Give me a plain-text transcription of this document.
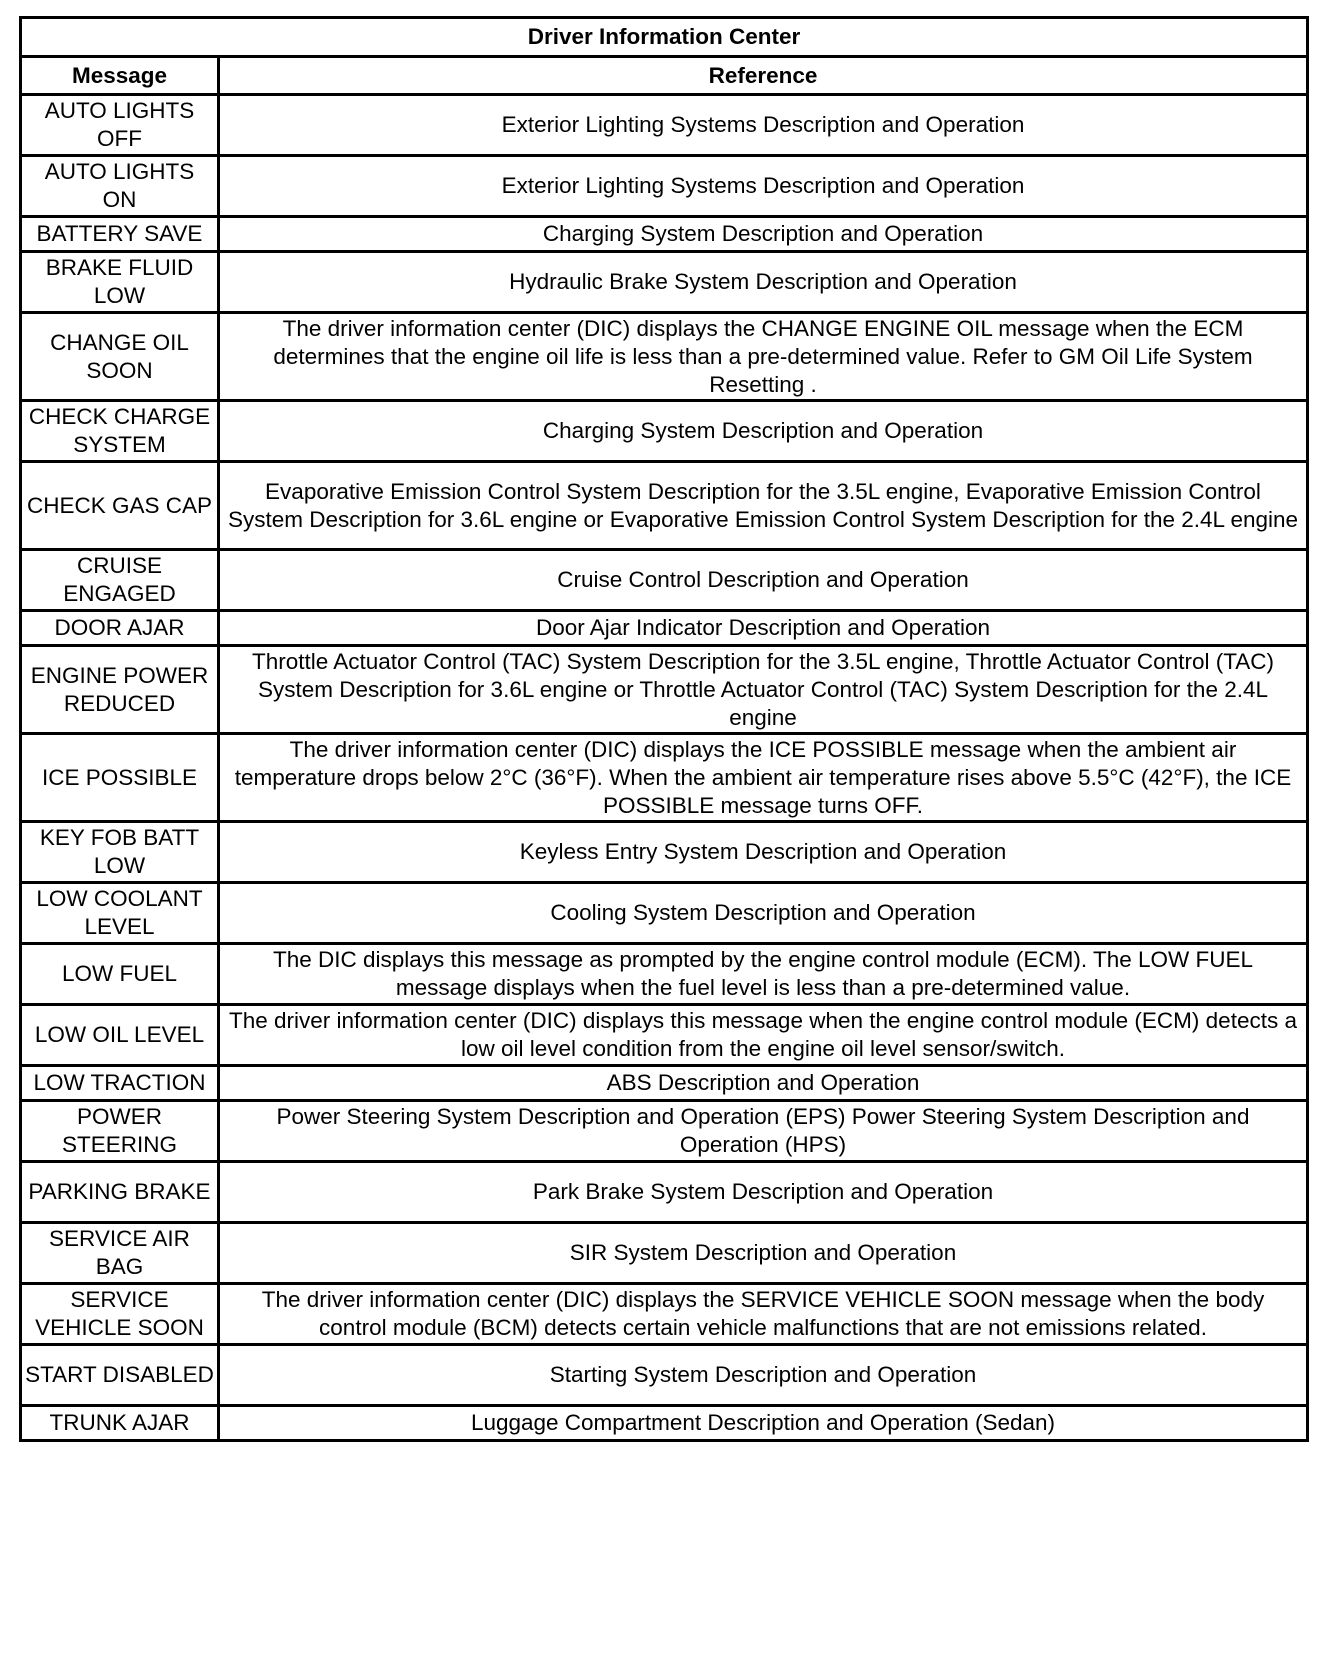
Driver Information Center	
Message	Reference
AUTO LIGHTS OFF	Exterior Lighting Systems Description and Operation
AUTO LIGHTS ON	Exterior Lighting Systems Description and Operation
BATTERY SAVE	Charging System Description and Operation
BRAKE FLUID LOW	Hydraulic Brake System Description and Operation
CHANGE OIL SOON	The driver information center (DIC) displays the CHANGE ENGINE OIL message when the ECM determines that the engine oil life is less than a pre-determined value. Refer to GM Oil Life System Resetting .
CHECK CHARGE SYSTEM	Charging System Description and Operation
CHECK GAS CAP	Evaporative Emission Control System Description for the 3.5L engine, Evaporative Emission Control System Description for 3.6L engine or Evaporative Emission Control System Description for the 2.4L engine
CRUISE ENGAGED	Cruise Control Description and Operation
DOOR AJAR	Door Ajar Indicator Description and Operation
ENGINE POWER REDUCED	Throttle Actuator Control (TAC) System Description for the 3.5L engine, Throttle Actuator Control (TAC) System Description for 3.6L engine or Throttle Actuator Control (TAC) System Description for the 2.4L engine
ICE POSSIBLE	The driver information center (DIC) displays the ICE POSSIBLE message when the ambient air temperature drops below 2°C (36°F). When the ambient air temperature rises above 5.5°C (42°F), the ICE POSSIBLE message turns OFF.
KEY FOB BATT LOW	Keyless Entry System Description and Operation
LOW COOLANT LEVEL	Cooling System Description and Operation
LOW FUEL	The DIC displays this message as prompted by the engine control module (ECM). The LOW FUEL message displays when the fuel level is less than a pre-determined value.
LOW OIL LEVEL	The driver information center (DIC) displays this message when the engine control module (ECM) detects a low oil level condition from the engine oil level sensor/switch.
LOW TRACTION	ABS Description and Operation
POWER STEERING	Power Steering System Description and Operation (EPS) Power Steering System Description and Operation (HPS)
PARKING BRAKE	Park Brake System Description and Operation
SERVICE AIR BAG	SIR System Description and Operation
SERVICE VEHICLE SOON	The driver information center (DIC) displays the SERVICE VEHICLE SOON message when the body control module (BCM) detects certain vehicle malfunctions that are not emissions related.
START DISABLED	Starting System Description and Operation
TRUNK AJAR	Luggage Compartment Description and Operation (Sedan)
